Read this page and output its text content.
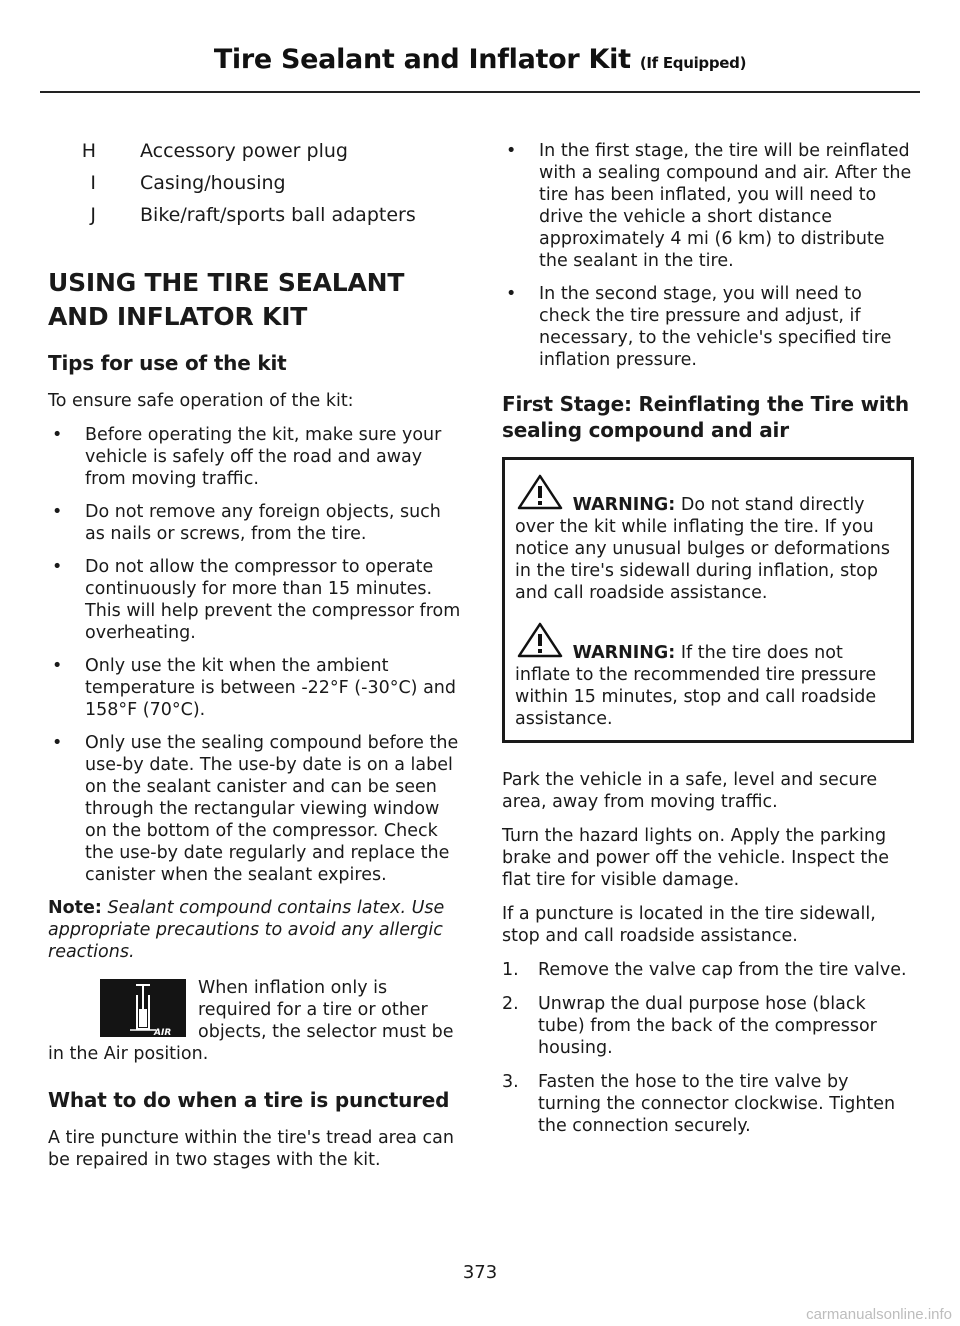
Tire Sealant and Inflator Kit (If Equipped)
H	Accessory power plug
I	Casing/housing
J	Bike/raft/sports ball adapters
USING THE TIRE SEALANT
AND INFLATOR KIT
Tips for use of the kit

To ensure safe operation of the kit:

• Before operating the kit, make sure your vehicle is safely off the road and away from moving traffic.
• Do not remove any foreign objects, such as nails or screws, from the tire.
• Do not allow the compressor to operate continuously for more than 15 minutes. This will help prevent the compressor from overheating.
• Only use the kit when the ambient temperature is between -22°F (-30°C) and 158°F (70°C).
• Only use the sealing compound before the use-by date. The use-by date is on a label on the sealant canister and can be seen through the rectangular viewing window on the bottom of the compressor. Check the use-by date regularly and replace the canister when the sealant expires.
Note: Sealant compound contains latex. Use appropriate precautions to avoid any allergic reactions.
AIR
When inflation only is required for a tire or other objects, the selector must be in the Air position.
What to do when a tire is punctured

A tire puncture within the tire's tread area can be repaired in two stages with the kit.

• In the first stage, the tire will be reinflated with a sealing compound and air. After the tire has been inflated, you will need to drive the vehicle a short distance approximately 4 mi (6 km) to distribute the sealant in the tire.
• In the second stage, you will need to check the tire pressure and adjust, if necessary, to the vehicle's specified tire inflation pressure.
First Stage: Reinflating the Tire with sealing compound and air
WARNING: Do not stand directly over the kit while inflating the tire. If you notice any unusual bulges or deformations in the tire's sidewall during inflation, stop and call roadside assistance.
WARNING: If the tire does not inflate to the recommended tire pressure within 15 minutes, stop and call roadside assistance.

Park the vehicle in a safe, level and secure area, away from moving traffic.

Turn the hazard lights on. Apply the parking brake and power off the vehicle. Inspect the flat tire for visible damage.

If a puncture is located in the tire sidewall, stop and call roadside assistance.

1. Remove the valve cap from the tire valve.
2. Unwrap the dual purpose hose (black tube) from the back of the compressor housing.
3. Fasten the hose to the tire valve by turning the connector clockwise. Tighten the connection securely.
373
carmanualsonline.info
